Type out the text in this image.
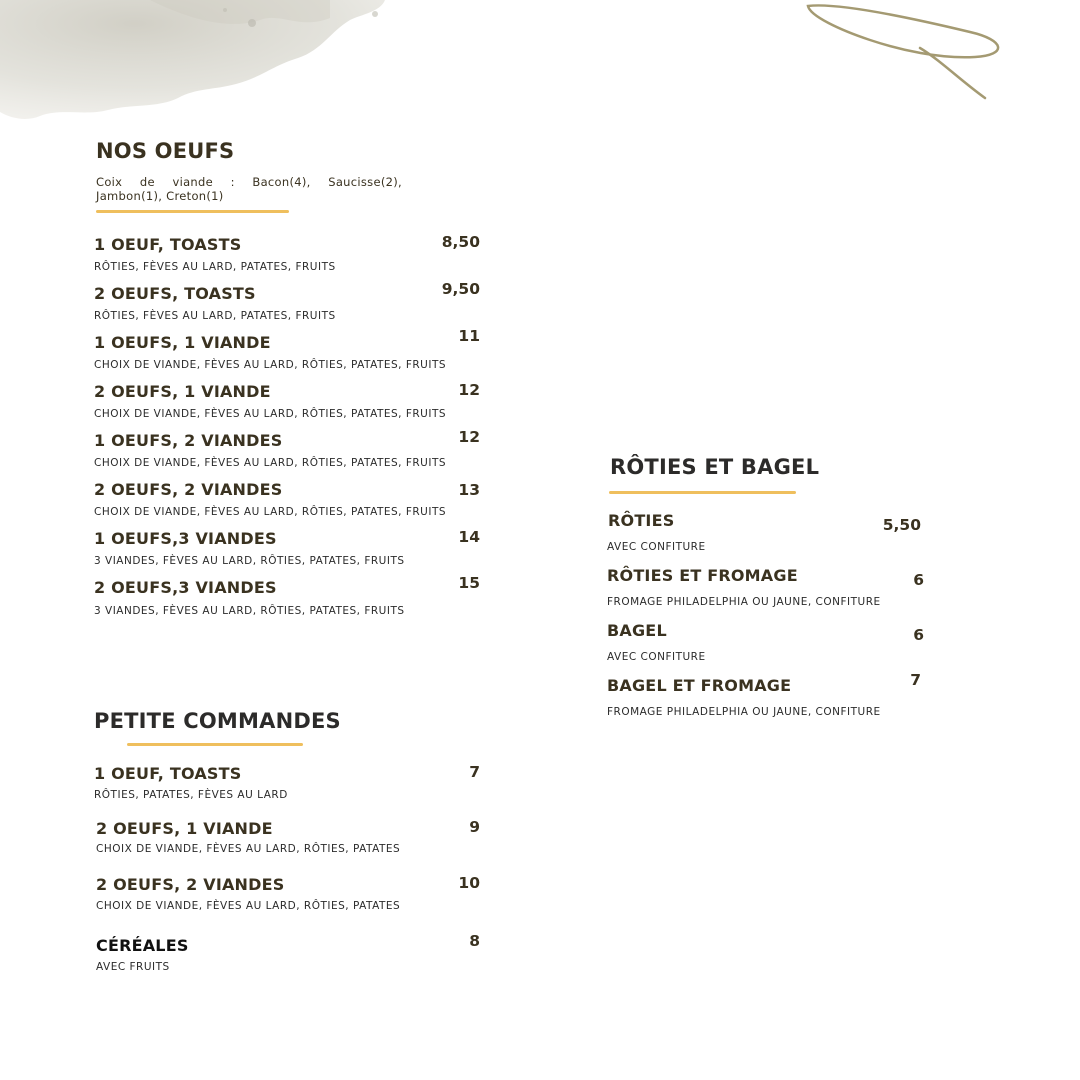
NOS OEUFS
Coix de viande : Bacon(4), Saucisse(2), Jambon(1), Creton(1)
1 OEUF, TOASTS
RÔTIES, FÈVES AU LARD, PATATES, FRUITS
8,50
2 OEUFS, TOASTS
RÔTIES, FÈVES AU LARD, PATATES, FRUITS
9,50
1 OEUFS, 1 VIANDE
CHOIX DE VIANDE, FÈVES AU LARD, RÔTIES, PATATES, FRUITS
11
2 OEUFS, 1 VIANDE
CHOIX DE VIANDE, FÈVES AU LARD, RÔTIES, PATATES, FRUITS
12
1 OEUFS, 2 VIANDES
CHOIX DE VIANDE, FÈVES AU LARD, RÔTIES, PATATES, FRUITS
12
2 OEUFS, 2 VIANDES
CHOIX DE VIANDE, FÈVES AU LARD, RÔTIES, PATATES, FRUITS
13
1 OEUFS,3 VIANDES
3 VIANDES, FÈVES AU LARD, RÔTIES, PATATES, FRUITS
14
2 OEUFS,3 VIANDES
3 VIANDES, FÈVES AU LARD, RÔTIES, PATATES, FRUITS
15
PETITE COMMANDES
1 OEUF, TOASTS
RÔTIES, PATATES, FÈVES AU LARD
7
2 OEUFS, 1 VIANDE
CHOIX DE VIANDE, FÈVES AU LARD, RÔTIES, PATATES
9
2 OEUFS, 2 VIANDES
CHOIX DE VIANDE, FÈVES AU LARD, RÔTIES, PATATES
10
CÉRÉALES
AVEC FRUITS
8
RÔTIES ET BAGEL
RÔTIES
AVEC CONFITURE
5,50
RÔTIES ET FROMAGE
FROMAGE PHILADELPHIA OU JAUNE, CONFITURE
6
BAGEL
AVEC CONFITURE
6
BAGEL ET FROMAGE
FROMAGE PHILADELPHIA OU JAUNE, CONFITURE
7
